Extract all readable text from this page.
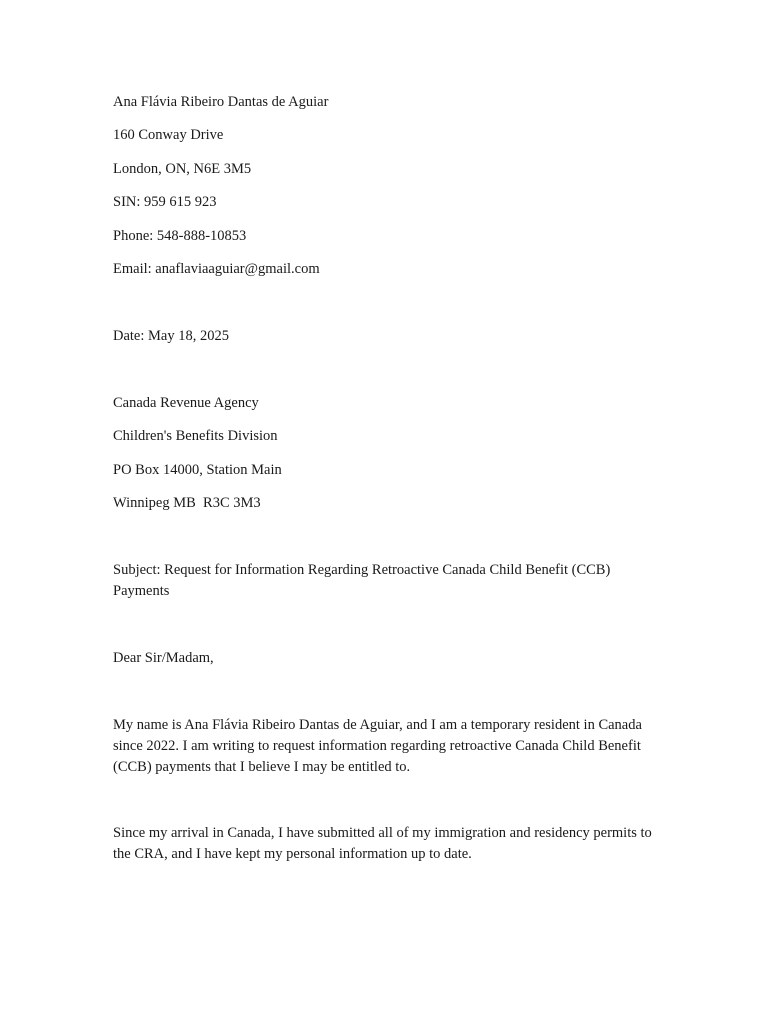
Ana Flávia Ribeiro Dantas de Aguiar

160 Conway Drive

London, ON, N6E 3M5

SIN: 959 615 923

Phone: 548-888-10853

Email: anaflaviaaguiar@gmail.com

Date: May 18, 2025

Canada Revenue Agency

Children's Benefits Division

PO Box 14000, Station Main

Winnipeg MB  R3C 3M3

Subject: Request for Information Regarding Retroactive Canada Child Benefit (CCB) Payments

Dear Sir/Madam,

My name is Ana Flávia Ribeiro Dantas de Aguiar, and I am a temporary resident in Canada since 2022. I am writing to request information regarding retroactive Canada Child Benefit (CCB) payments that I believe I may be entitled to.

Since my arrival in Canada, I have submitted all of my immigration and residency permits to the CRA, and I have kept my personal information up to date.
